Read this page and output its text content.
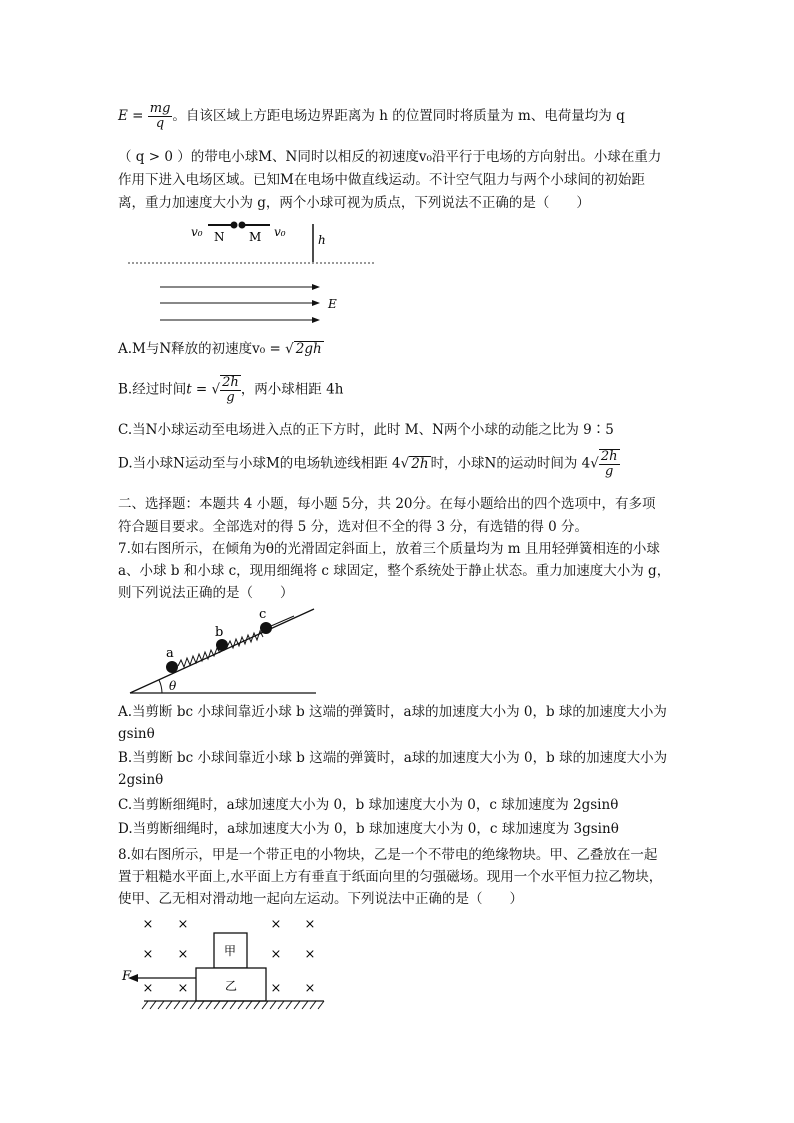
$E = \frac{mg}{q}$ 。自该区域上方距电场边界距离为 h 的位置同时将质量为 m、电荷量均为 q
（ q > 0 ）的带电小球M、N同时以相反的初速度v₀沿平行于电场的方向射出。小球在重力
作用下进入电场区域。已知M在电场中做直线运动。不计空气阻力与两个小球间的初始距
离，重力加速度大小为 g，两个小球可视为质点，下列说法不正确的是（　　）
v₀ N M v₀
h
E
A.M与N释放的初速度v₀ = √ 2gh
B.经过时间t = √ $\frac{2h}{g}$ ，两小球相距 4h
C.当N小球运动至电场进入点的正下方时，此时 M、N两个小球的动能之比为 9∶5
D.当小球N运动至与小球M的电场轨迹线相距 4√ 2h 时，小球N的运动时间为 $4√ \frac{2h}{g}$
二、选择题：本题共 4 小题，每小题 5分，共 20分。在每小题给出的四个选项中，有多项
符合题目要求。全部选对的得 5 分，选对但不全的得 3 分，有选错的得 0 分。
7.如右图所示，在倾角为θ的光滑固定斜面上，放着三个质量均为 m 且用轻弹簧相连的小球
a、小球 b 和小球 c，现用细绳将 c 球固定，整个系统处于静止状态。重力加速度大小为 g，
则下列说法正确的是（　　）
θ
a
b
c
A.当剪断 bc 小球间靠近小球 b 这端的弹簧时，a球的加速度大小为 0，b 球的加速度大小为
gsinθ
B.当剪断 bc 小球间靠近小球 b 这端的弹簧时，a球的加速度大小为 0，b 球的加速度大小为
2gsinθ
C.当剪断细绳时，a球加速度大小为 0，b 球加速度大小为 0，c 球加速度为 2gsinθ
D.当剪断细绳时，a球加速度大小为 0，b 球加速度大小为 0，c 球加速度为 3gsinθ
8.如右图所示，甲是一个带正电的小物块，乙是一个不带电的绝缘物块。甲、乙叠放在一起
置于粗糙水平面上,水平面上方有垂直于纸面向里的匀强磁场。现用一个水平恒力拉乙物块，
使甲、乙无相对滑动地一起向左运动。下列说法中正确的是（　　）
× ×	× ×
× ×	× ×
× ×	× ×
甲
乙
F
